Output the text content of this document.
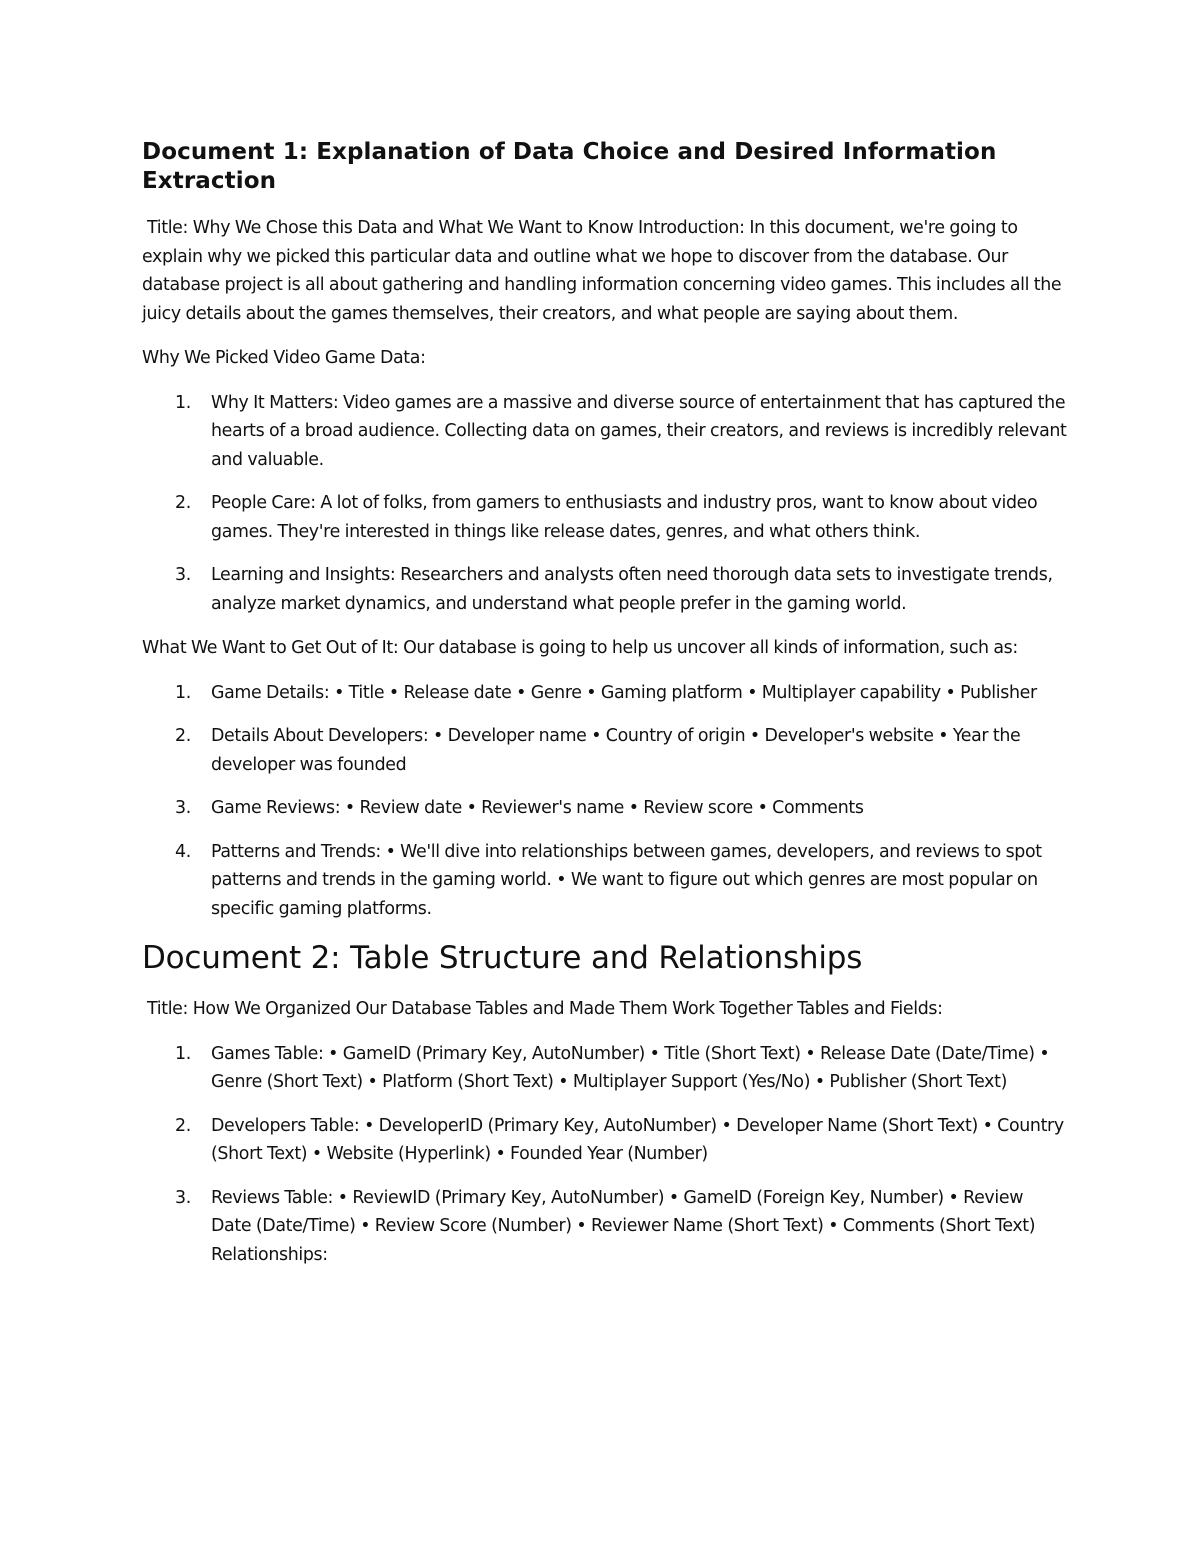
Document 1: Explanation of Data Choice and Desired Information Extraction

Title: Why We Chose this Data and What We Want to Know Introduction: In this document, we're going to explain why we picked this particular data and outline what we hope to discover from the database. Our database project is all about gathering and handling information concerning video games. This includes all the juicy details about the games themselves, their creators, and what people are saying about them.

Why We Picked Video Game Data:

1. Why It Matters: Video games are a massive and diverse source of entertainment that has captured the hearts of a broad audience. Collecting data on games, their creators, and reviews is incredibly relevant and valuable.
2. People Care: A lot of folks, from gamers to enthusiasts and industry pros, want to know about video games. They're interested in things like release dates, genres, and what others think.
3. Learning and Insights: Researchers and analysts often need thorough data sets to investigate trends, analyze market dynamics, and understand what people prefer in the gaming world.

What We Want to Get Out of It: Our database is going to help us uncover all kinds of information, such as:

1. Game Details: • Title • Release date • Genre • Gaming platform • Multiplayer capability • Publisher
2. Details About Developers: • Developer name • Country of origin • Developer's website • Year the developer was founded
3. Game Reviews: • Review date • Reviewer's name • Review score • Comments
4. Patterns and Trends: • We'll dive into relationships between games, developers, and reviews to spot patterns and trends in the gaming world. • We want to figure out which genres are most popular on specific gaming platforms.
Document 2: Table Structure and Relationships

Title: How We Organized Our Database Tables and Made Them Work Together Tables and Fields:

1. Games Table: • GameID (Primary Key, AutoNumber) • Title (Short Text) • Release Date (Date/Time) • Genre (Short Text) • Platform (Short Text) • Multiplayer Support (Yes/No) • Publisher (Short Text)
2. Developers Table: • DeveloperID (Primary Key, AutoNumber) • Developer Name (Short Text) • Country (Short Text) • Website (Hyperlink) • Founded Year (Number)
3. Reviews Table: • ReviewID (Primary Key, AutoNumber) • GameID (Foreign Key, Number) • Review Date (Date/Time) • Review Score (Number) • Reviewer Name (Short Text) • Comments (Short Text) Relationships:
